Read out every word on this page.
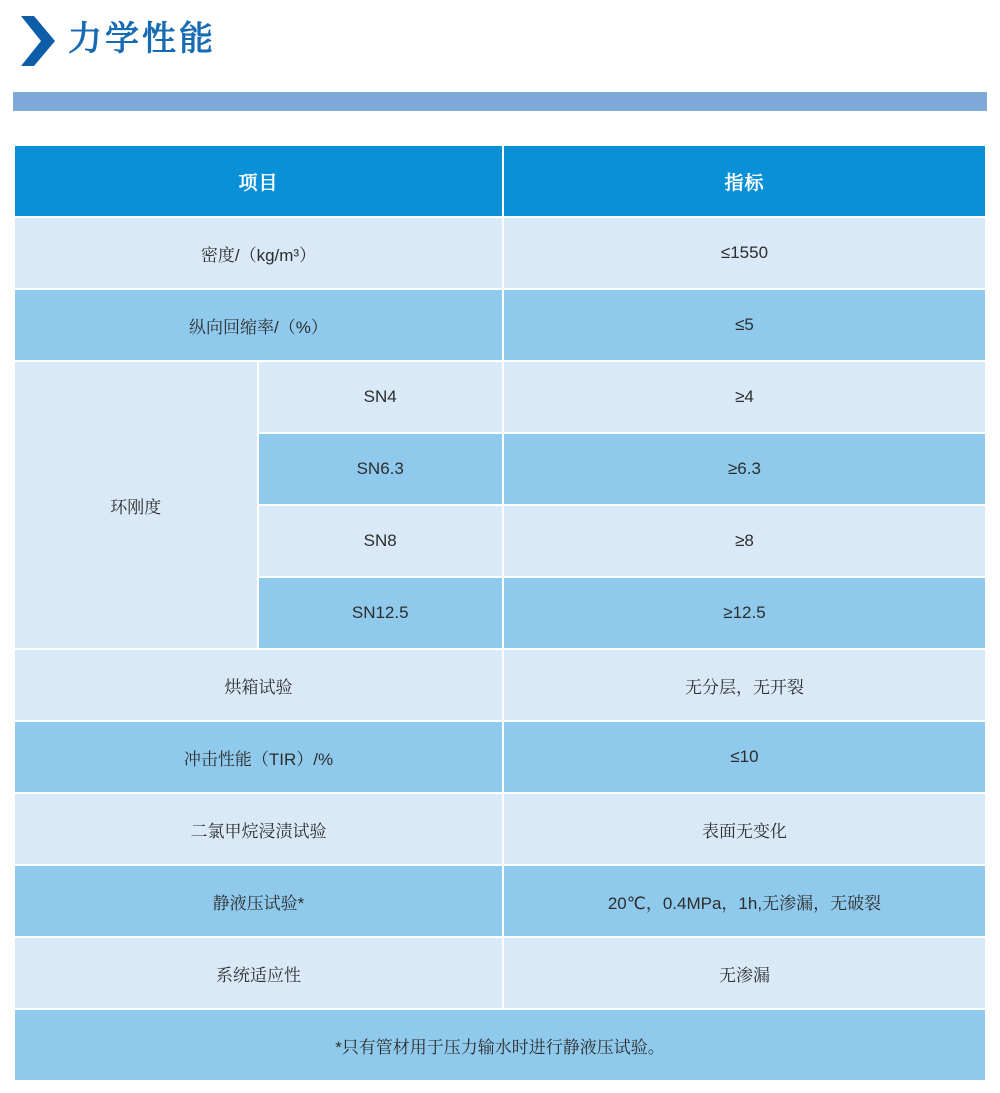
力学性能
项目		指标
密度/（kg/m³）		≤1550
纵向回缩率/（%）		≤5
环刚度	SN4	≥4
	SN6.3	≥6.3
	SN8	≥8
	SN12.5	≥12.5
烘箱试验		无分层，无开裂
冲击性能（TIR）/%		≤10
二氯甲烷浸渍试验		表面无变化
静液压试验*		20℃，0.4MPa，1h,无渗漏，无破裂
系统适应性		无渗漏
*只有管材用于压力输水时进行静液压试验。		
